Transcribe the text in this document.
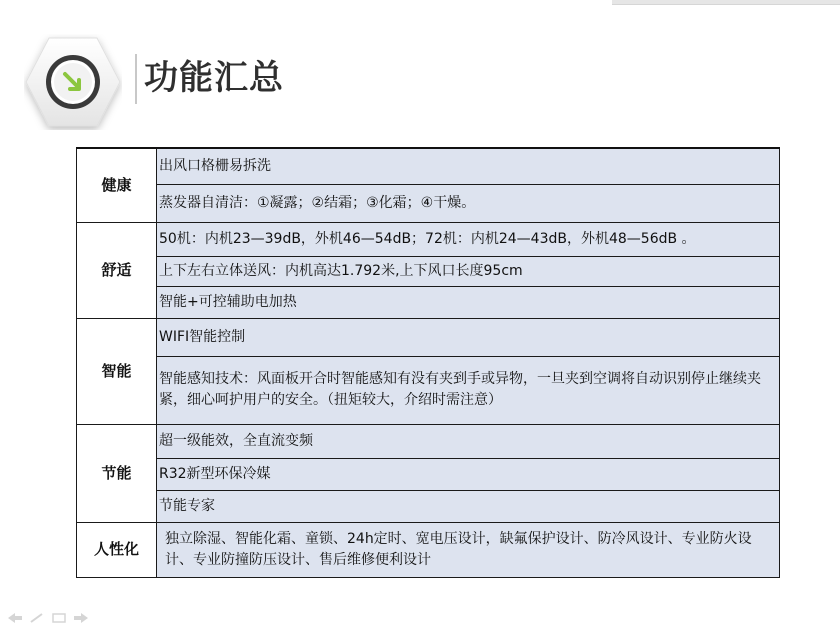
功能汇总
健康	出风口格栅易拆洗
	蒸发器自清洁：①凝露；②结霜；③化霜；④干燥。
舒适	50机：内机23—39dB，外机46—54dB；72机：内机24—43dB，外机48—56dB 。
	上下左右立体送风：内机高达1.792米,上下风口长度95cm
	智能+可控辅助电加热
智能	WIFI智能控制
	智能感知技术：风面板开合时智能感知有没有夹到手或异物，一旦夹到空调将自动识别停止继续夹紧，细心呵护用户的安全。（扭矩较大，介绍时需注意）
节能	超一级能效，全直流变频
	R32新型环保冷媒
	节能专家
人性化	独立除湿、智能化霜、童锁、24h定时、宽电压设计，缺氟保护设计、防冷风设计、专业防火设计、专业防撞防压设计、售后维修便利设计
